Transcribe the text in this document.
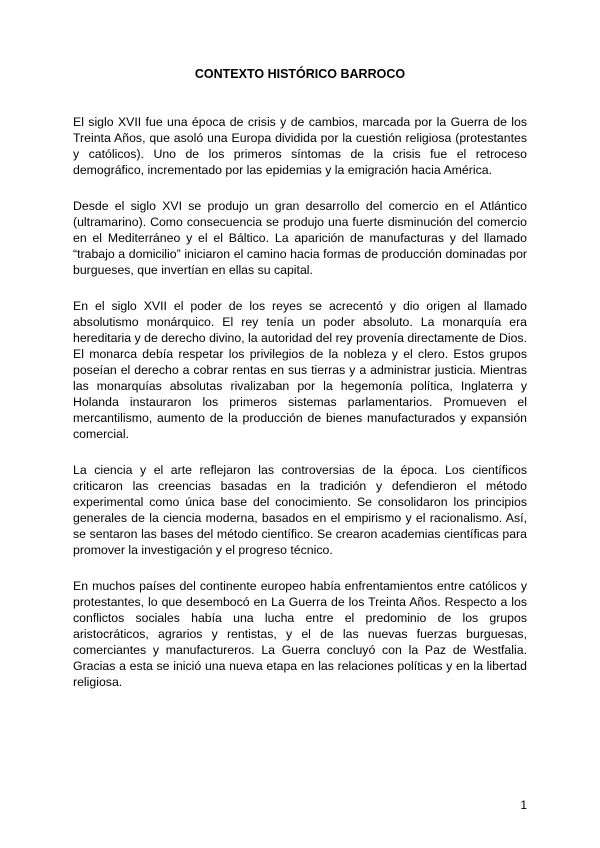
CONTEXTO HISTÓRICO BARROCO

El siglo XVII fue una época de crisis y de cambios, marcada por la Guerra de los Treinta Años, que asoló una Europa dividida por la cuestión religiosa (protestantes y católicos). Uno de los primeros síntomas de la crisis fue el retroceso demográfico, incrementado por las epidemias y la emigración hacia América.

Desde el siglo XVI se produjo un gran desarrollo del comercio en el Atlántico (ultramarino). Como consecuencia se produjo una fuerte disminución del comercio en el Mediterráneo y el el Báltico. La aparición de manufacturas y del llamado “trabajo a domicilio” iniciaron el camino hacia formas de producción dominadas por burgueses, que invertían en ellas su capital.

En el siglo XVII el poder de los reyes se acrecentó y dio origen al llamado absolutismo monárquico. El rey tenía un poder absoluto. La monarquía era hereditaria y de derecho divino, la autoridad del rey provenía directamente de Dios. El monarca debía respetar los privilegios de la nobleza y el clero. Estos grupos poseían el derecho a cobrar rentas en sus tierras y a administrar justicia. Mientras las monarquías absolutas rivalizaban por la hegemonía política, Inglaterra y Holanda instauraron los primeros sistemas parlamentarios. Promueven el mercantilismo, aumento de la producción de bienes manufacturados y expansión comercial.

La ciencia y el arte reflejaron las controversias de la época. Los científicos criticaron las creencias basadas en la tradición y defendieron el método experimental como única base del conocimiento. Se consolidaron los principios generales de la ciencia moderna, basados en el empirismo y el racionalismo. Así, se sentaron las bases del método científico. Se crearon academias científicas para promover la investigación y el progreso técnico.

En muchos países del continente europeo había enfrentamientos entre católicos y protestantes, lo que desembocó en La Guerra de los Treinta Años. Respecto a los conflictos sociales había una lucha entre el predominio de los grupos aristocráticos, agrarios y rentistas, y el de las nuevas fuerzas burguesas, comerciantes y manufactureros. La Guerra concluyó con la Paz de Westfalia. Gracias a esta se inició una nueva etapa en las relaciones políticas y en la libertad religiosa.

1
